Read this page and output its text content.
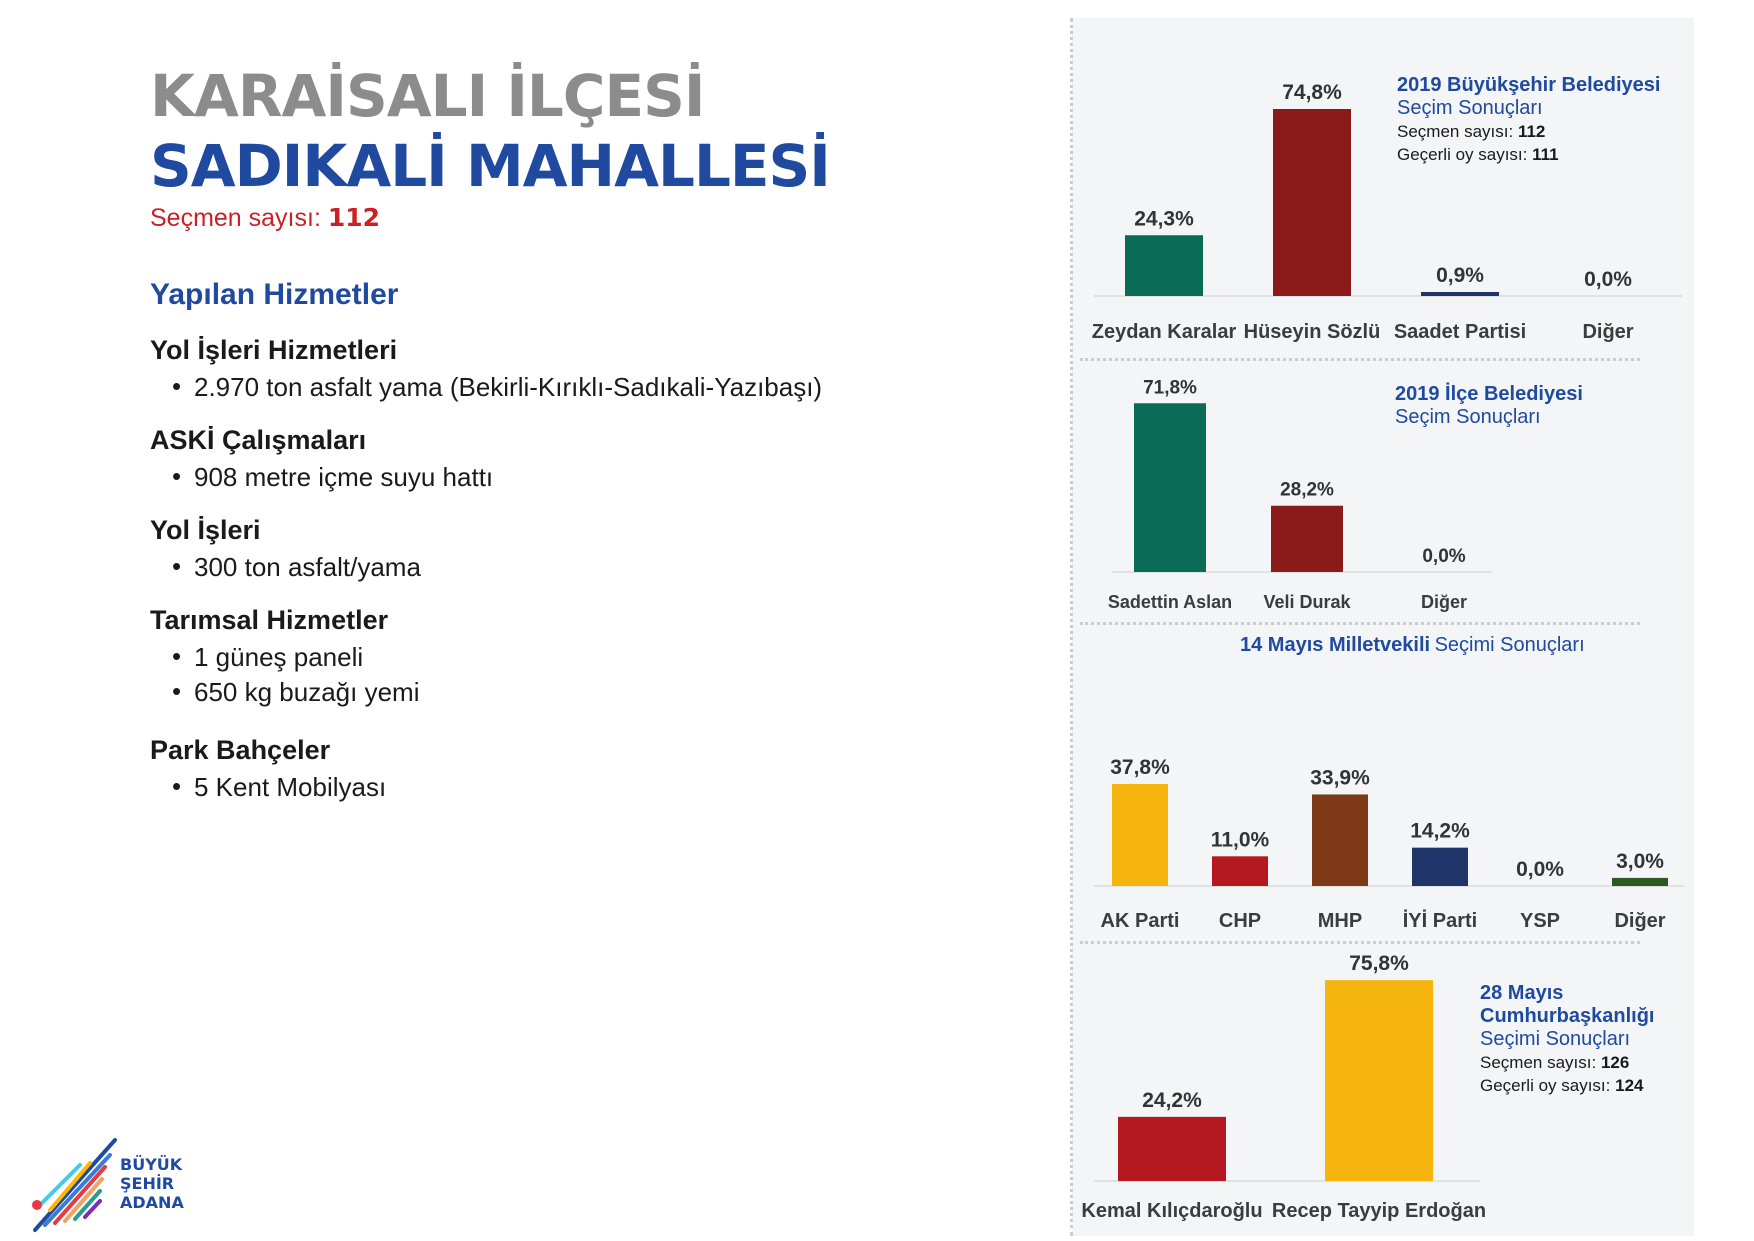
KARAİSALI İLÇESİ
SADIKALİ MAHALLESİ
Seçmen sayısı: 112
Yapılan Hizmetler
Yol İşleri Hizmetleri
• 2.970 ton asfalt yama (Bekirli-Kırıklı-Sadıkali-Yazıbaşı)
ASKİ Çalışmaları
• 908 metre içme suyu hattı
Yol İşleri
• 300 ton asfalt/yama
Tarımsal Hizmetler
• 1 güneş paneli
• 650 kg buzağı yemi
Park Bahçeler
• 5 Kent Mobilyası
BÜYÜK
ŞEHİR
ADANA
24,3%
Zeydan Karalar
74,8%
Hüseyin Sözlü
0,9%
Saadet Partisi
0,0%
Diğer
71,8%
Sadettin Aslan
28,2%
Veli Durak
0,0%
Diğer
37,8%
AK Parti
11,0%
CHP
33,9%
MHP
14,2%
İYİ Parti
0,0%
YSP
3,0%
Diğer
24,2%
Kemal Kılıçdaroğlu
75,8%
Recep Tayyip Erdoğan
2019 Büyükşehir Belediyesi
Seçim Sonuçları
Seçmen sayısı: 112
Geçerli oy sayısı: 111
2019 İlçe Belediyesi
Seçim Sonuçları
14 Mayıs Milletvekili Seçimi Sonuçları
28 Mayıs Cumhurbaşkanlığı
Seçimi Sonuçları
Seçmen sayısı: 126
Geçerli oy sayısı: 124
